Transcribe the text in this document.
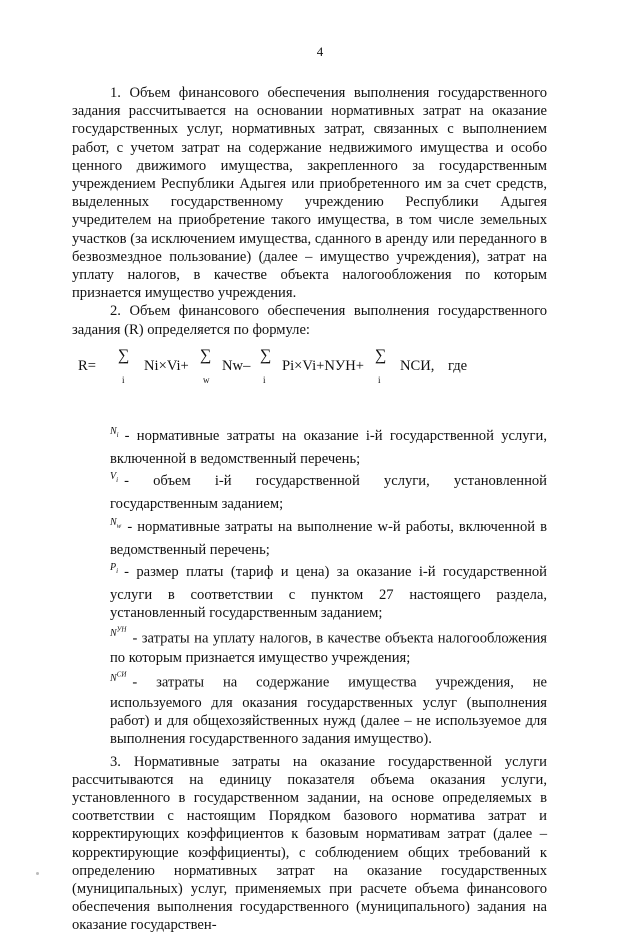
4

1. Объем финансового обеспечения выполнения государственного задания рассчитывается на основании нормативных затрат на оказание государственных услуг, нормативных затрат, связанных с выполнением работ, с учетом затрат на содержание недвижимого имущества и особо ценного движимого имущества, закрепленного за государственным учреждением Республики Адыгея или приобретенного им за счет средств, выделенных государственному учреждению Республики Адыгея учредителем на приобретение такого имущества, в том числе земельных участков (за исключением имущества, сданного в аренду или переданного в безвозмездное пользование) (далее – имущество учреждения), затрат на уплату налогов, в качестве объекта налогообложения по которым признается имущество учреждения.

2. Объем финансового обеспечения выполнения государственного задания (R) определяется по формуле:

R=
∑
i
Ni×Vi+
∑
w
Nw–
∑
i
Pi×Vi+NУН+
∑
i
NСИ, где
$^{N_i}$ - нормативные затраты на оказание i-й государственной услуги, включенной в ведомственный перечень;
$^{V_i}$ - объем i-й государственной услуги, установленной государственным заданием;
$^{N_w}$ - нормативные затраты на выполнение w-й работы, включенной в ведомственный перечень;
$^{P_i}$ - размер платы (тариф и цена) за оказание i-й государственной услуги в соответствии с пунктом 27 настоящего раздела, установленный государственным заданием;
$^{N^{УН}}$- затраты на уплату налогов, в качестве объекта налогообложения по которым признается имущество учреждения;
$^{N^{СИ}}$- затраты на содержание имущества учреждения, не используемого для оказания государственных услуг (выполнения работ) и для общехозяйственных нужд (далее – не используемое для выполнения государственного задания имущество).

3. Нормативные затраты на оказание государственной услуги рассчитываются на единицу показателя объема оказания услуги, установленного в государственном задании, на основе определяемых в соответствии с настоящим Порядком базового норматива затрат и корректирующих коэффициентов к базовым нормативам затрат (далее – корректирующие коэффициенты), с соблюдением общих требований к определению нормативных затрат на оказание государственных (муниципальных) услуг, применяемых при расчете объема финансового обеспечения выполнения государственного (муниципального) задания на оказание государствен-
